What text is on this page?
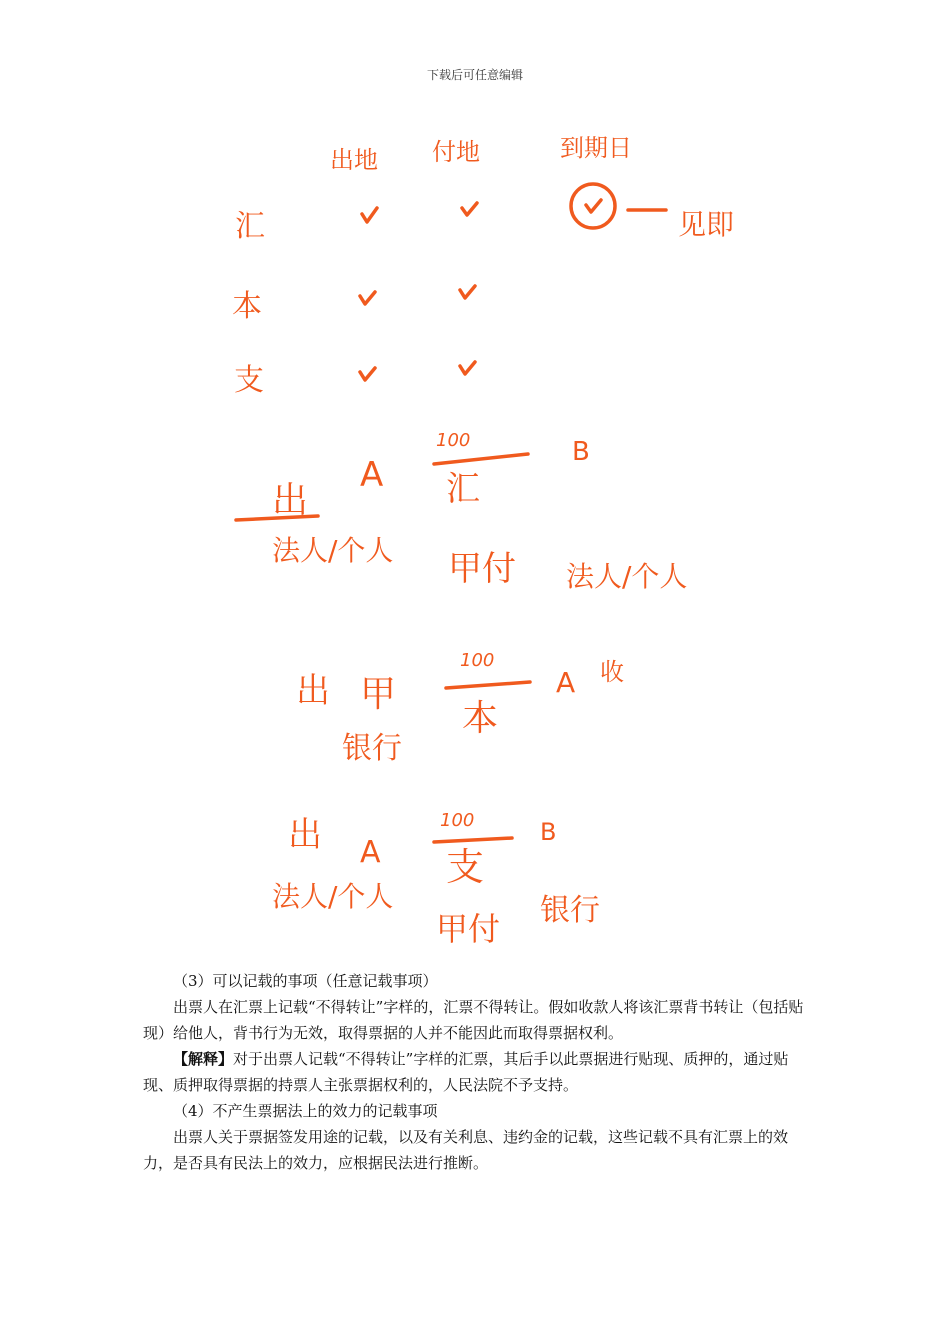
下载后可任意编辑
出地 付地	到期日
汇
本
支
见即
100
汇
B
A
出
法人/个人 甲付 法人/个人
出 甲
100
本
A 收
银行
100
支
B
出 A
法人/个人
甲付 银行

（3）可以记载的事项（任意记载事项）

出票人在汇票上记载“不得转让”字样的，汇票不得转让。假如收款人将该汇票背书转让（包括贴现）给他人，背书行为无效，取得票据的人并不能因此而取得票据权利。

【解释】对于出票人记载“不得转让”字样的汇票，其后手以此票据进行贴现、质押的，通过贴现、质押取得票据的持票人主张票据权利的，人民法院不予支持。

（4）不产生票据法上的效力的记载事项

出票人关于票据签发用途的记载，以及有关利息、违约金的记载，这些记载不具有汇票上的效力，是否具有民法上的效力，应根据民法进行推断。
